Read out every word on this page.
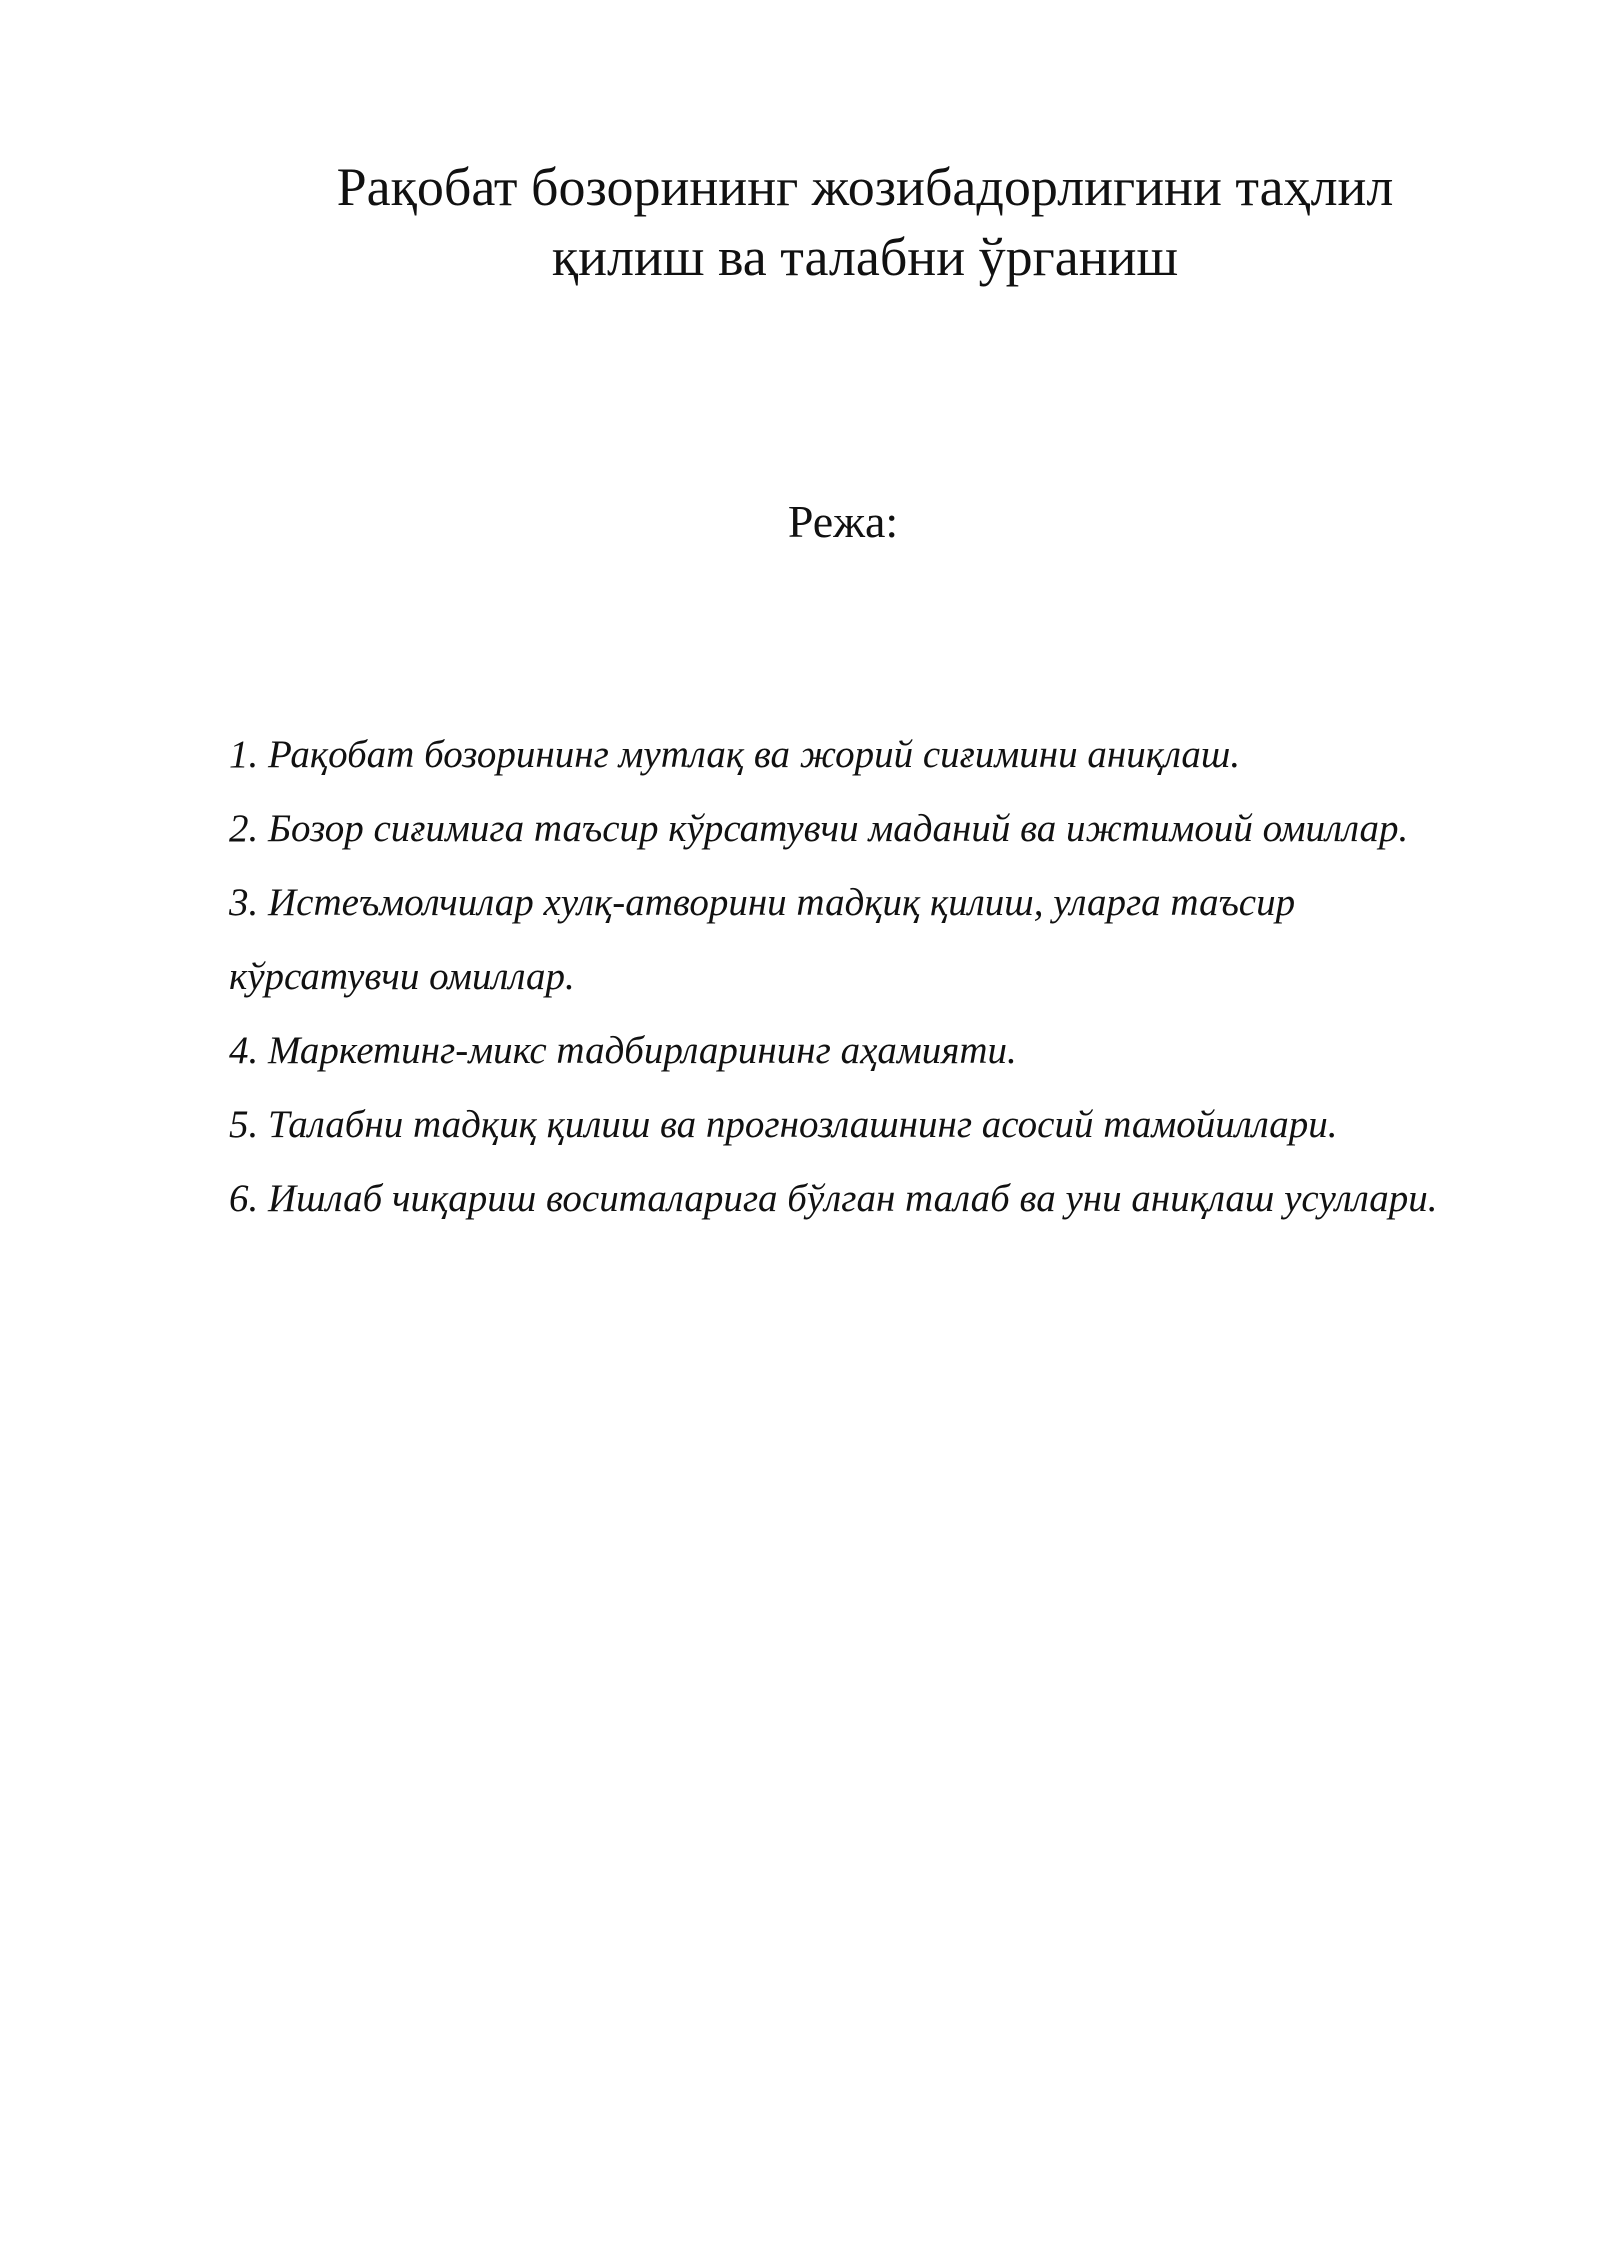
Рақобат бозорининг жозибадорлигини таҳлил
қилиш ва талабни ўрганиш
Режа:
1. Рақобат бозорининг мутлақ ва жорий сиғимини аниқлаш.
2. Бозор сиғимига таъсир кўрсатувчи маданий ва ижтимоий омиллар.
3. Истеъмолчилар хулқ-атворини тадқиқ қилиш, уларга таъсир кўрсатувчи омиллар.
4. Маркетинг-микс тадбирларининг аҳамияти.
5. Талабни тадқиқ қилиш ва прогнозлашнинг асосий тамойиллари.
6. Ишлаб чиқариш воситаларига бўлган талаб ва уни аниқлаш усуллари.
